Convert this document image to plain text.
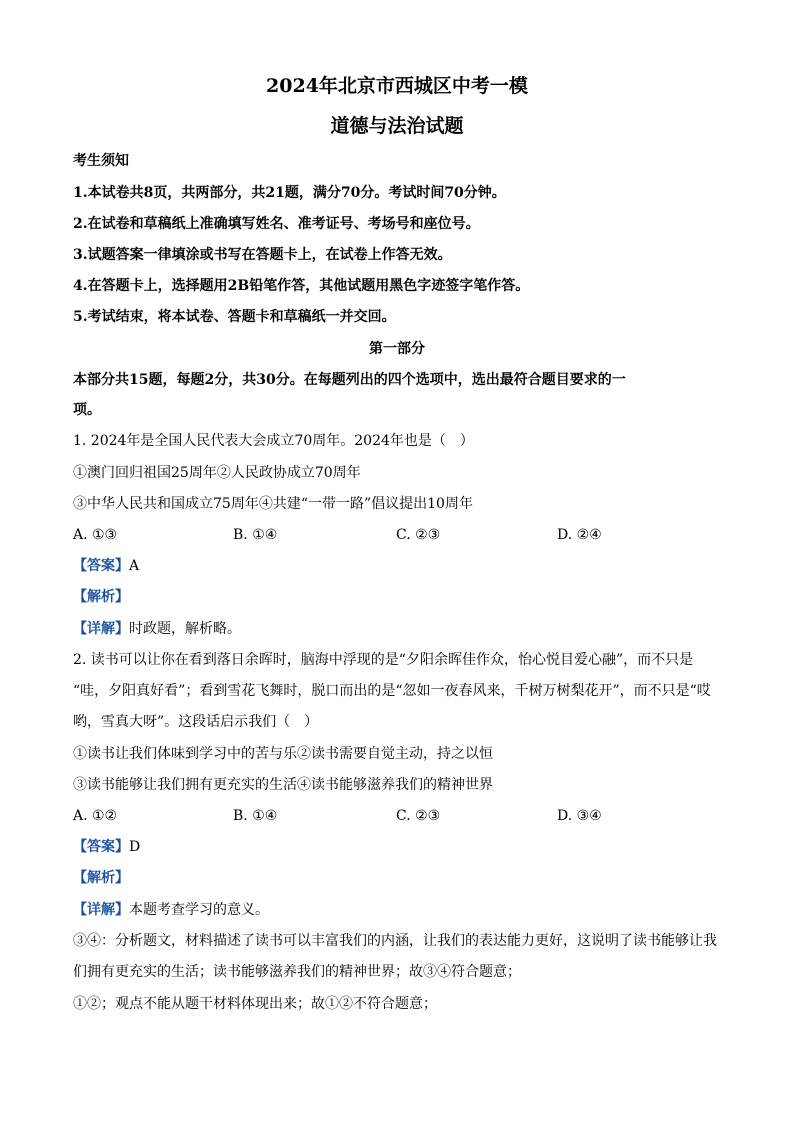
2024年北京市西城区中考一模
道德与法治试题
考生须知
1.本试卷共8页，共两部分，共21题，满分70分。考试时间70分钟。
2.在试卷和草稿纸上准确填写姓名、准考证号、考场号和座位号。
3.试题答案一律填涂或书写在答题卡上，在试卷上作答无效。
4.在答题卡上，选择题用2B铅笔作答，其他试题用黑色字迹签字笔作答。
5.考试结束，将本试卷、答题卡和草稿纸一并交回。
第一部分
本部分共15题，每题2分，共30分。在每题列出的四个选项中，选出最符合题目要求的一
项。
1. 2024年是全国人民代表大会成立70周年。2024年也是（　）
①澳门回归祖国25周年②人民政协成立70周年
③中华人民共和国成立75周年④共建“一带一路”倡议提出10周年
A. ①③	B. ①④	C. ②③	D. ②④
【答案】A
【解析】
【详解】时政题，解析略。
2. 读书可以让你在看到落日余晖时，脑海中浮现的是“夕阳余晖佳作众，怡心悦目爱心融”，而不只是
“哇，夕阳真好看”；看到雪花飞舞时，脱口而出的是“忽如一夜春风来，千树万树梨花开”，而不只是“哎
哟，雪真大呀”。这段话启示我们（　）
①读书让我们体味到学习中的苦与乐②读书需要自觉主动，持之以恒
③读书能够让我们拥有更充实的生活④读书能够滋养我们的精神世界
A. ①②	B. ①④	C. ②③	D. ③④
【答案】D
【解析】
【详解】本题考查学习的意义。
③④：分析题文，材料描述了读书可以丰富我们的内涵，让我们的表达能力更好，这说明了读书能够让我
们拥有更充实的生活；读书能够滋养我们的精神世界；故③④符合题意；
①②；观点不能从题干材料体现出来；故①②不符合题意；
